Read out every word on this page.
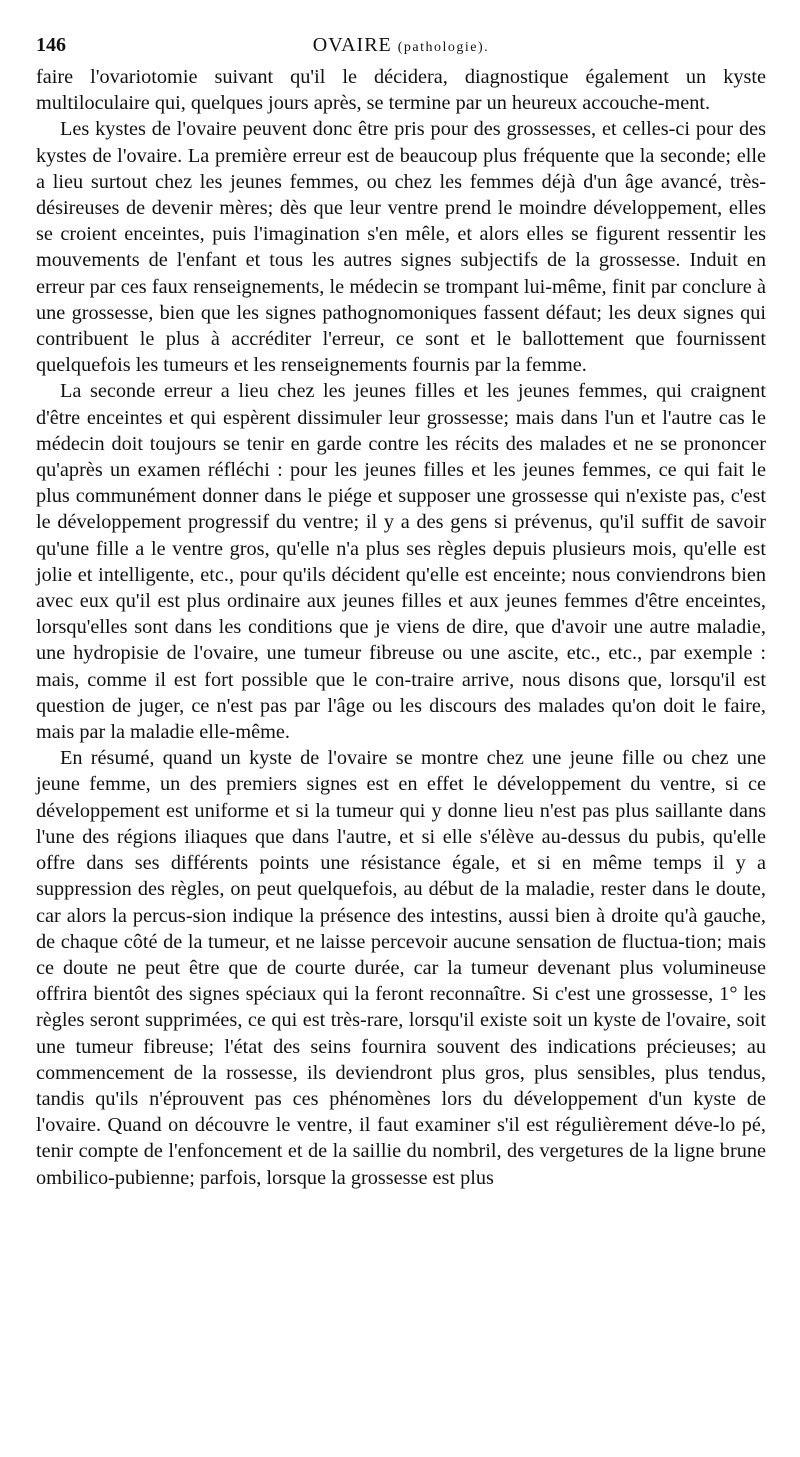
146	OVAIRE (pathologie).

faire l'ovariotomie suivant qu'il le décidera, diagnostique également un kyste multiloculaire qui, quelques jours après, se termine par un heureux accouche-ment.

Les kystes de l'ovaire peuvent donc être pris pour des grossesses, et celles-ci pour des kystes de l'ovaire. La première erreur est de beaucoup plus fréquente que la seconde; elle a lieu surtout chez les jeunes femmes, ou chez les femmes déjà d'un âge avancé, très-désireuses de devenir mères; dès que leur ventre prend le moindre développement, elles se croient enceintes, puis l'imagination s'en mêle, et alors elles se figurent ressentir les mouvements de l'enfant et tous les autres signes subjectifs de la grossesse. Induit en erreur par ces faux renseignements, le médecin se trompant lui-même, finit par conclure à une grossesse, bien que les signes pathognomoniques fassent défaut; les deux signes qui contribuent le plus à accréditer l'erreur, ce sont et le ballottement que fournissent quelquefois les tumeurs et les renseignements fournis par la femme.

La seconde erreur a lieu chez les jeunes filles et les jeunes femmes, qui craignent d'être enceintes et qui espèrent dissimuler leur grossesse; mais dans l'un et l'autre cas le médecin doit toujours se tenir en garde contre les récits des malades et ne se prononcer qu'après un examen réfléchi : pour les jeunes filles et les jeunes femmes, ce qui fait le plus communément donner dans le piége et supposer une grossesse qui n'existe pas, c'est le développement progressif du ventre; il y a des gens si prévenus, qu'il suffit de savoir qu'une fille a le ventre gros, qu'elle n'a plus ses règles depuis plusieurs mois, qu'elle est jolie et intelligente, etc., pour qu'ils décident qu'elle est enceinte; nous conviendrons bien avec eux qu'il est plus ordinaire aux jeunes filles et aux jeunes femmes d'être enceintes, lorsqu'elles sont dans les conditions que je viens de dire, que d'avoir une autre maladie, une hydropisie de l'ovaire, une tumeur fibreuse ou une ascite, etc., etc., par exemple : mais, comme il est fort possible que le con-traire arrive, nous disons que, lorsqu'il est question de juger, ce n'est pas par l'âge ou les discours des malades qu'on doit le faire, mais par la maladie elle-même.

En résumé, quand un kyste de l'ovaire se montre chez une jeune fille ou chez une jeune femme, un des premiers signes est en effet le développement du ventre, si ce développement est uniforme et si la tumeur qui y donne lieu n'est pas plus saillante dans l'une des régions iliaques que dans l'autre, et si elle s'élève au-dessus du pubis, qu'elle offre dans ses différents points une résistance égale, et si en même temps il y a suppression des règles, on peut quelquefois, au début de la maladie, rester dans le doute, car alors la percus-sion indique la présence des intestins, aussi bien à droite qu'à gauche, de chaque côté de la tumeur, et ne laisse percevoir aucune sensation de fluctua-tion; mais ce doute ne peut être que de courte durée, car la tumeur devenant plus volumineuse offrira bientôt des signes spéciaux qui la feront reconnaître. Si c'est une grossesse, 1° les règles seront supprimées, ce qui est très-rare, lorsqu'il existe soit un kyste de l'ovaire, soit une tumeur fibreuse; l'état des seins fournira souvent des indications précieuses; au commencement de la rossesse, ils deviendront plus gros, plus sensibles, plus tendus, tandis qu'ils n'éprouvent pas ces phénomènes lors du développement d'un kyste de l'ovaire. Quand on découvre le ventre, il faut examiner s'il est régulièrement déve-lo pé, tenir compte de l'enfoncement et de la saillie du nombril, des vergetures de la ligne brune ombilico-pubienne; parfois, lorsque la grossesse est plus
